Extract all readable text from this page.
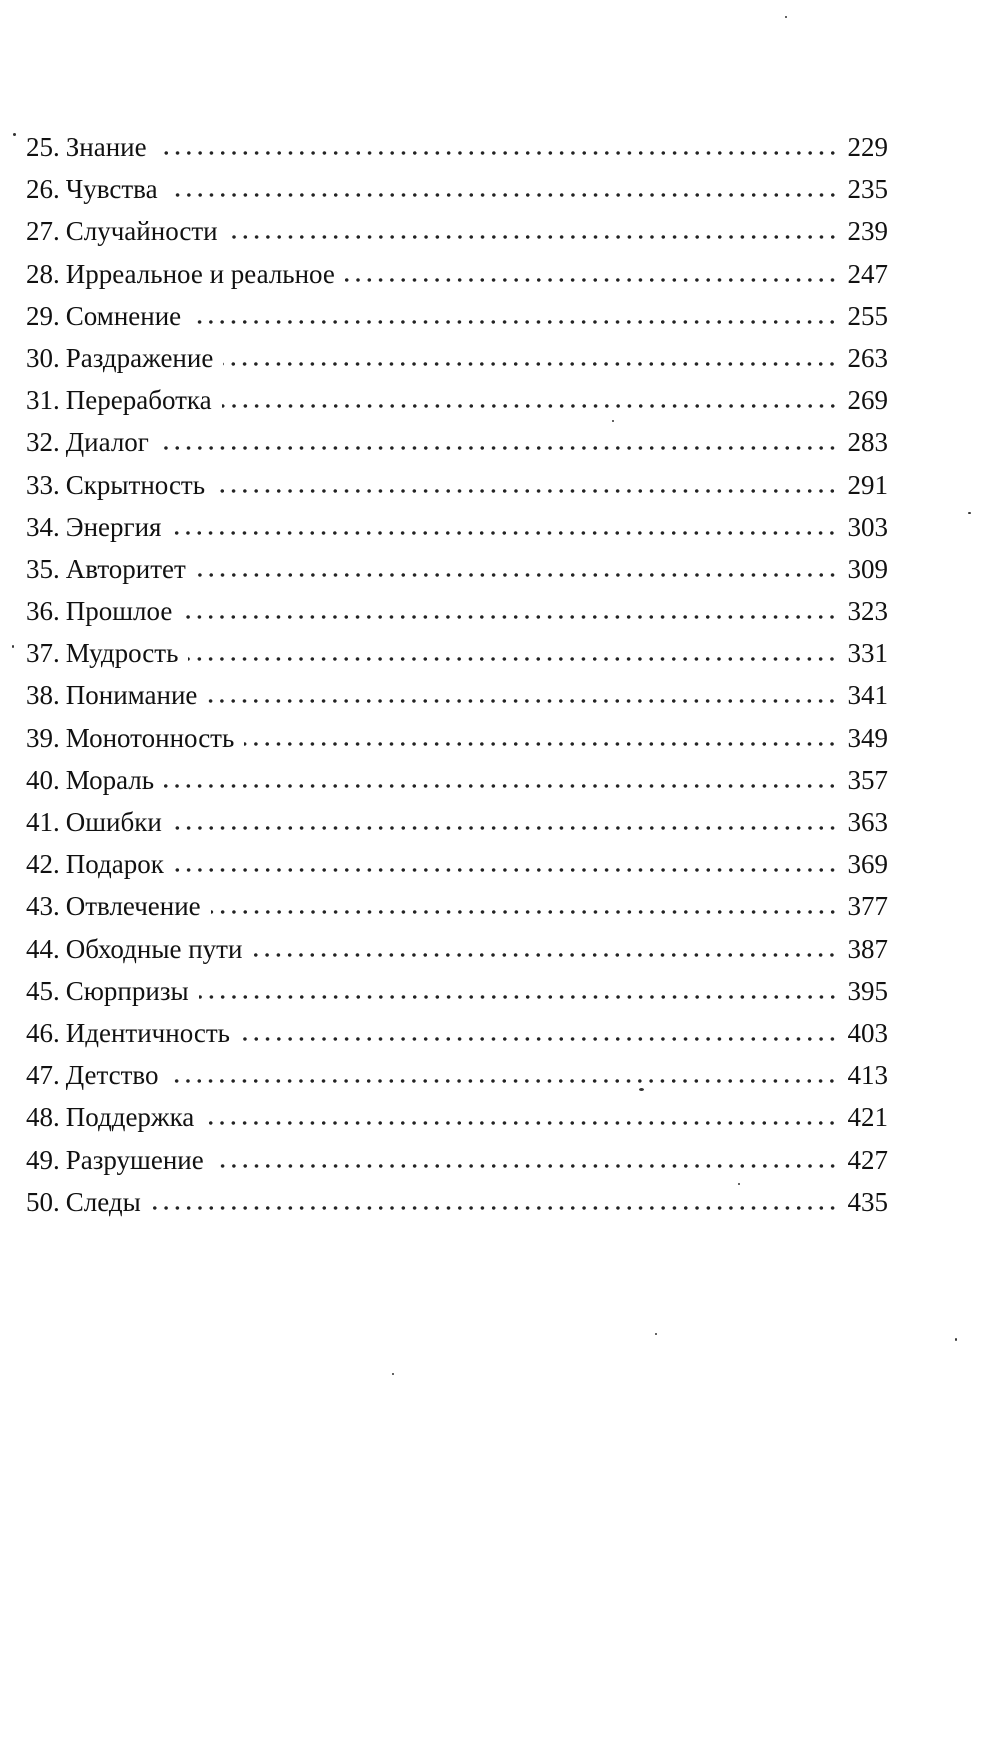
25. Знание	229
26. Чувства	235
27. Случайности	239
28. Ирреальное и реальное	247
29. Сомнение	255
30. Раздражение	263
31. Переработка	269
32. Диалог	283
33. Скрытность	291
34. Энергия	303
35. Авторитет	309
36. Прошлое	323
37. Мудрость	331
38. Понимание	341
39. Монотонность	349
40. Мораль	357
41. Ошибки	363
42. Подарок	369
43. Отвлечение	377
44. Обходные пути	387
45. Сюрпризы	395
46. Идентичность	403
47. Детство	413
48. Поддержка	421
49. Разрушение	427
50. Следы	435
